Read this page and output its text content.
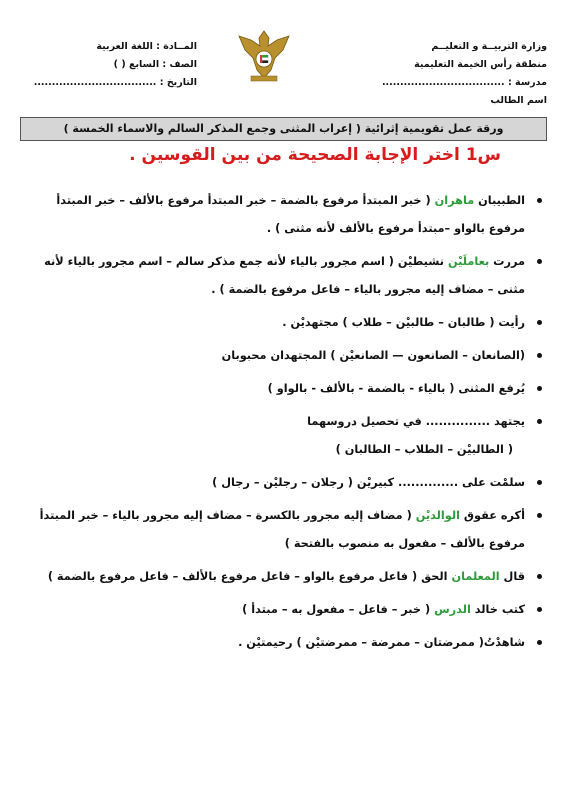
وزارة التربيــة و التعليــم
منطقة رأس الخيمة التعليمية
مدرسة : ..................................
اسم الطالب
المــادة : اللغة العربية
الصف : السابع ( )
التاريخ : ..................................
ورقة عمل تقويمية إثرائية ( إعراب المثنى وجمع المذكر السالم والاسماء الخمسة )
س1 اختر الإجابة الصحيحة من بين القوسين .
الطبيبان ماهران ( خبر المبتدأ مرفوع بالضمة – خبر المبتدأ مرفوع بالألف – خبر المبتدأ مرفوع بالواو –مبتدأ مرفوع بالألف لأنه مثنى ) .
مررت بعاملَيْن نشيطيْن ( اسم مجرور بالياء لأنه جمع مذكر سالم – اسم مجرور بالياء لأنه مثنى – مضاف إليه مجرور بالياء – فاعل مرفوع بالضمة ) .
رأيت ( طالبان – طالبيْن – طلاب ) مجتهديْن .
(الصانعان – الصانعون — الصانعيْن ) المجتهدان محبوبان
يُرفع المثنى ( بالياء - بالضمة - بالألف - بالواو )
يجتهد ............... في تحصيل دروسهما
( الطالبيْن – الطلاب – الطالبان )
سلمْت على .............. كبيريْن ( رجلان – رجليْن – رجال )
أكره عقوق الوالديْن ( مضاف إليه مجرور بالكسرة – مضاف إليه مجرور بالياء – خبر المبتدأ مرفوع بالألف – مفعول به منصوب بالفتحة )
قال المعلمان الحق ( فاعل مرفوع بالواو – فاعل مرفوع بالألف – فاعل مرفوع بالضمة )
كتب خالد الدرس ( خبر – فاعل – مفعول به – مبتدأ )
شاهدْتُ( ممرضتان – ممرضة – ممرضتيْن ) رحيمتيْن .
